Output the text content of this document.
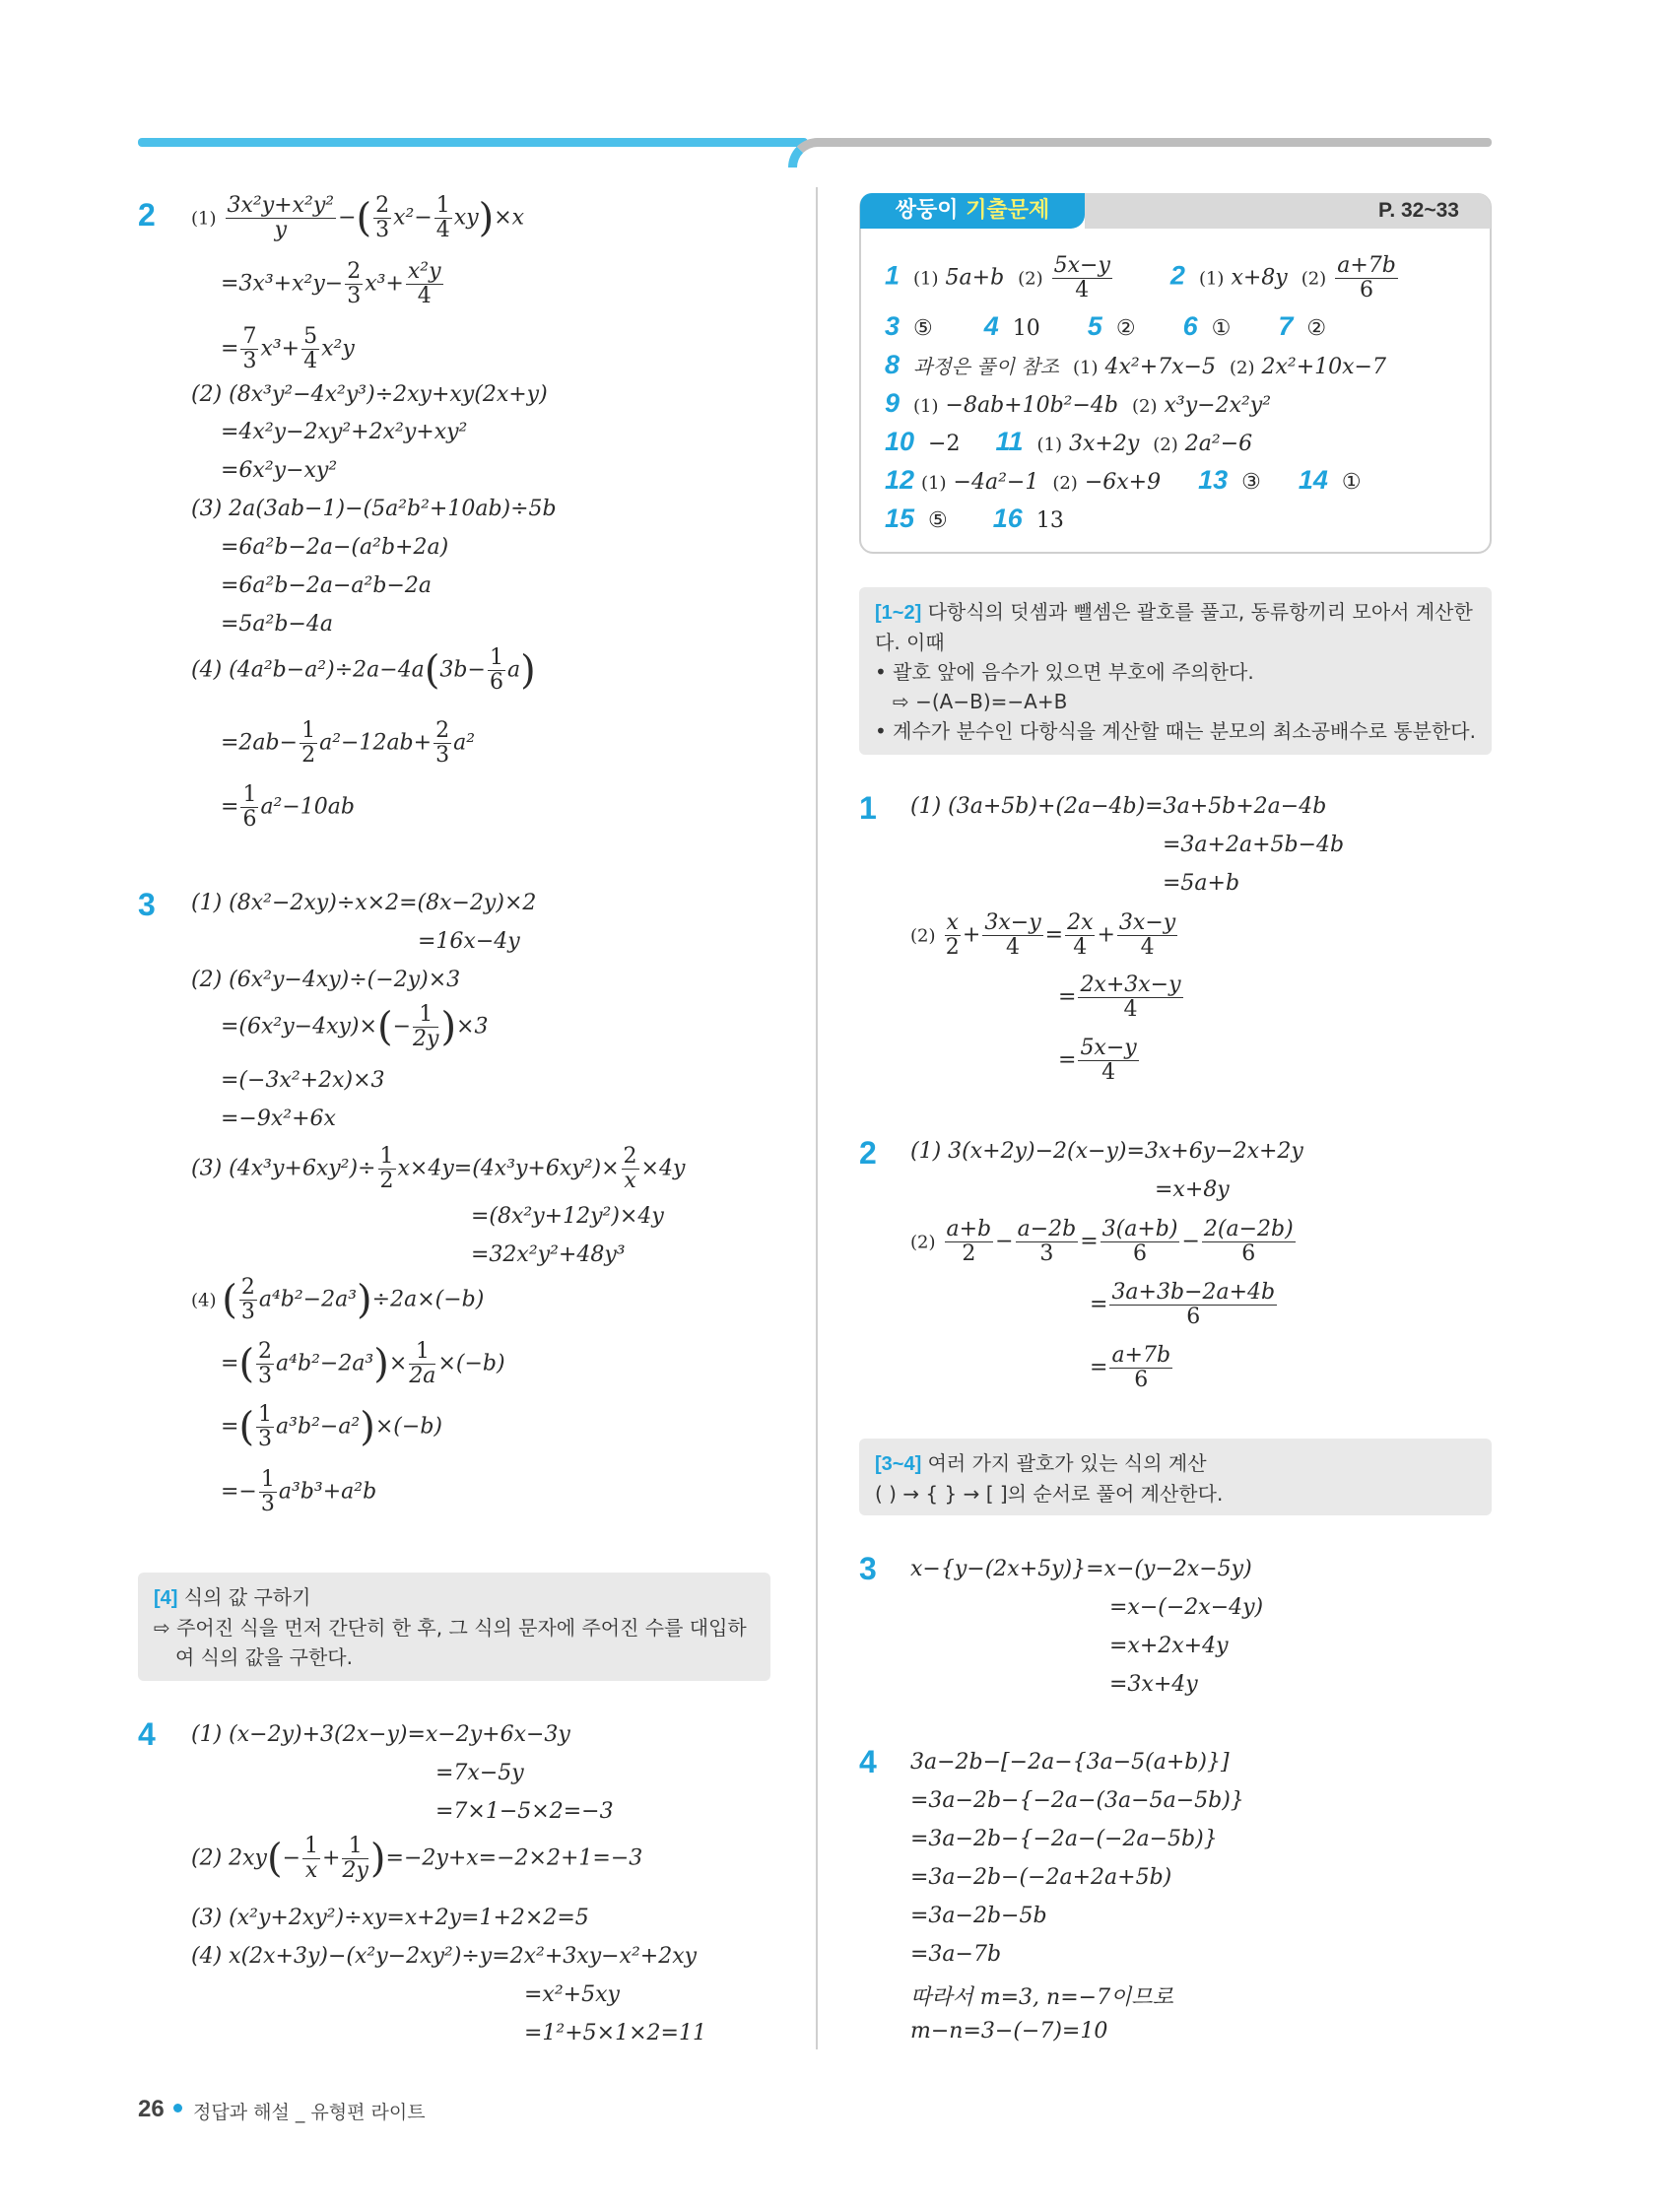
2 $(1) \frac{\text{3x²y+x²y²}}{y}$ −( $\frac{2}{3} x^2- \frac{1}{4} xy)\times x$
$=3x^3+x^2y- \frac{2}{3} x^3+ \frac{\text{x²y}}{4}$
= $\frac{7}{3} x^3+ \frac{5}{4} x^2y$
(2) (8x³y²−4x²y³)÷2xy+xy(2x+y)
=4x²y−2xy²+2x²y+xy²
=6x²y−xy²
(3) 2a(3ab−1)−(5a²b²+10ab)÷5b
=6a²b−2a−(a²b+2a)
=6a²b−2a−a²b−2a
=5a²b−4a
(4) $(4a^2b-a^2)\div 2a-4a(3b- \frac{1}{6} a)$
$=2ab- \frac{1}{2} a^2-12ab+ \frac{2}{3} a^2$
= $\frac{1}{6} a^2-10ab$
3 (1) (8x²−2xy)÷x×2=(8x−2y)×2
=16x−4y
(2) (6x²y−4xy)÷(−2y)×3
$=(6x^2y-4xy)\times(- \frac{1}{2y} )\times 3$
=(−3x²+2x)×3
=−9x²+6x
(3) $(4x^3y+6xy^2)\div \frac{1}{2} x\times 4y=(4x^3y+6xy^2)\times \frac{2}{x} \times 4y$
=(8x²y+12y²)×4y
=32x²y²+48y³
(4) ( $\frac{2}{3} a^4b^2-2a^3)\div 2a\times(-b)$
=( $\frac{2}{3} a^4b^2-2a^3)\times \frac{1}{2a} \times(-b)$
=( $\frac{1}{3} a^3b^2-a^2)\times(-b)$
=− $\frac{1}{3} a^3b^3+a^2b$
[4] 식의 값 구하기
⇨ 주어진 식을 먼저 간단히 한 후, 그 식의 문자에 주어진 수를 대입하
여 식의 값을 구한다.
4 (1) (x−2y)+3(2x−y)=x−2y+6x−3y
=7x−5y
=7×1−5×2=−3
(2) $2xy(- \frac{1}{x} + \frac{1}{2y} )=-2y+x=-2\times 2+1=-3$
(3) (x²y+2xy²)÷xy=x+2y=1+2×2=5
(4) x(2x+3y)−(x²y−2xy²)÷y=2x²+3xy−x²+2xy
=x²+5xy
=1²+5×1×2=11
쌍둥이 기출문제	P. 32~33
1 (1) 5a+b  $(2) \frac{5x-y}{4} 2$ (1) x+8y  $(2) \frac{a+7b}{6}$
3 ⑤ 4 10 5 ② 6 ① 7 ②
8 과정은 풀이 참조 (1) 4x²+7x−5  (2) 2x²+10x−7
9 (1) −8ab+10b²−4b  (2) x³y−2x²y²
10 −2 11 (1) 3x+2y  (2) 2a²−6
12 (1) −4a²−1  (2) −6x+9 13 ③ 14 ①
15 ⑤ 16 13
[1~2] 다항식의 덧셈과 뺄셈은 괄호를 풀고, 동류항끼리 모아서 계산한
다. 이때
• 괄호 앞에 음수가 있으면 부호에 주의한다.
⇨ −(A−B)=−A+B
• 계수가 분수인 다항식을 계산할 때는 분모의 최소공배수로 통분한다.
1 (1) (3a+5b)+(2a−4b)=3a+5b+2a−4b
=3a+2a+5b−4b
=5a+b
$(2) \frac{x}{2} + \frac{3x-y}{4} = \frac{2x}{4} + \frac{3x-y}{4}$
= $\frac{2x+3x-y}{4}$
= $\frac{5x-y}{4}$
2 (1) 3(x+2y)−2(x−y)=3x+6y−2x+2y
=x+8y
$(2) \frac{a+b}{2} - \frac{a-2b}{3} = \frac{3(a+b)}{6} - \frac{2(a-2b)}{6}$
= $\frac{3a+3b-2a+4b}{6}$
= $\frac{a+7b}{6}$
[3~4] 여러 가지 괄호가 있는 식의 계산
( ) → { } → [ ]의 순서로 풀어 계산한다.
3 x−{y−(2x+5y)}=x−(y−2x−5y)
=x−(−2x−4y)
=x+2x+4y
=3x+4y
4 3a−2b−[−2a−{3a−5(a+b)}]
=3a−2b−{−2a−(3a−5a−5b)}
=3a−2b−{−2a−(−2a−5b)}
=3a−2b−(−2a+2a+5b)
=3a−2b−5b
=3a−7b
따라서 m=3, n=−7이므로
m−n=3−(−7)=10
26 정답과 해설 _ 유형편 라이트
